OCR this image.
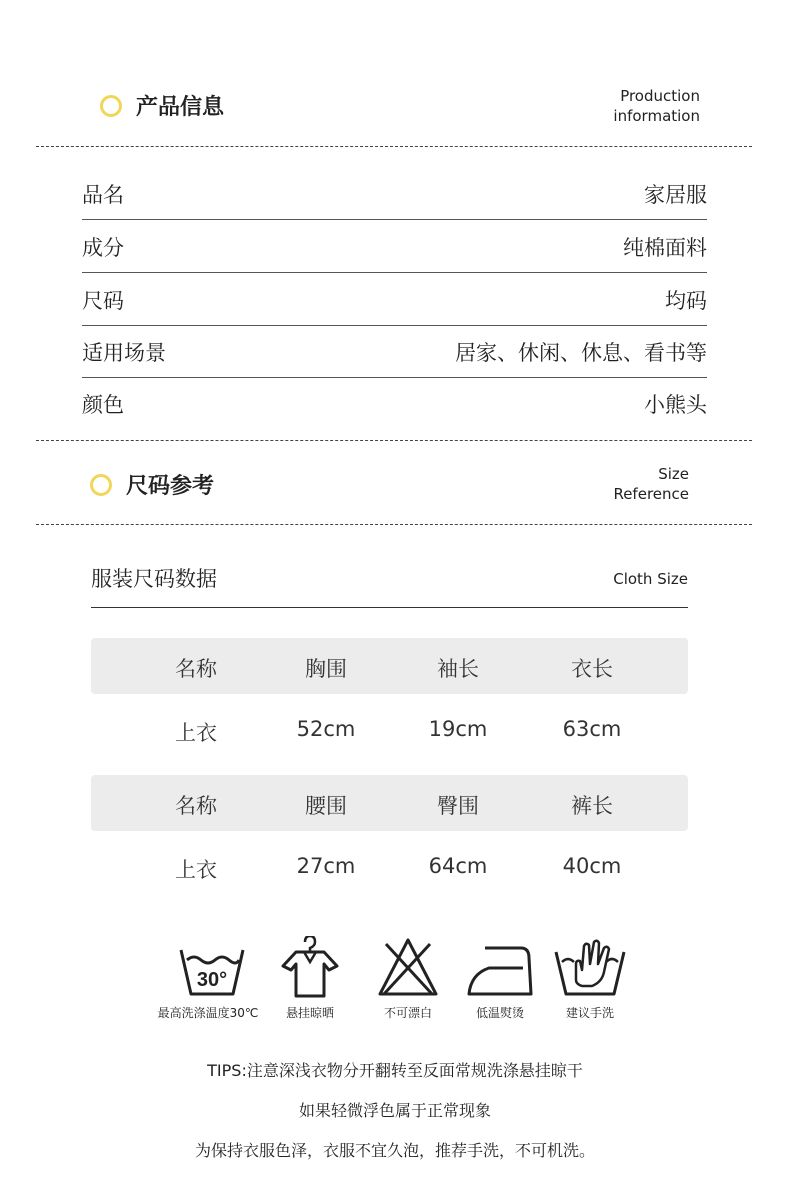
产品信息	Production
information
品名	家居服
成分	纯棉面料
尺码	均码
适用场景	居家、休闲、休息、看书等
颜色	小熊头
尺码参考	Size
Reference
服装尺码数据	Cloth Size
名称	胸围	袖长	衣长
上衣	52cm	19cm	63cm
名称	腰围	臀围	裤长
上衣	27cm	64cm	40cm
30°
最高洗涤温度30℃	悬挂晾晒	不可漂白	低温熨烫	建议手洗
TIPS:注意深浅衣物分开翻转至反面常规洗涤悬挂晾干
如果轻微浮色属于正常现象
为保持衣服色泽，衣服不宜久泡，推荐手洗，不可机洗。
